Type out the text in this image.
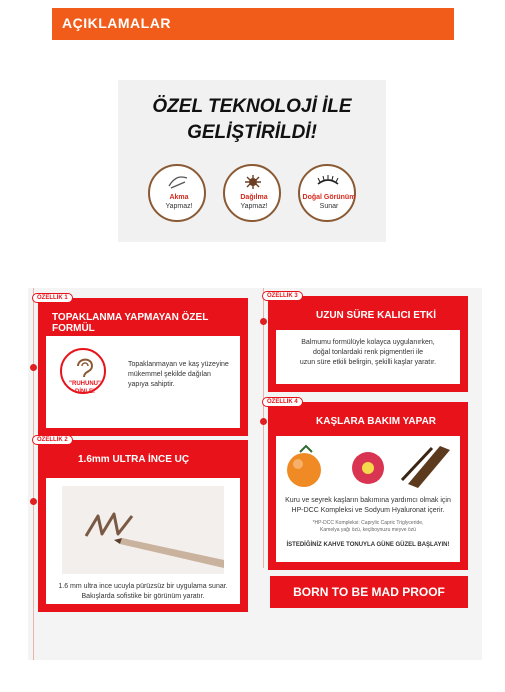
AÇIKLAMALAR
ÖZEL TEKNOLOJİ İLE
GELİŞTİRİLDİ!
Akma
Yapmaz!
Dağılma
Yapmaz!
Doğal Görünüm
Sunar
ÖZELLİK 1
TOPAKLANMA YAPMAYAN ÖZEL FORMÜL
"RUHUNU"
DİNLE!
Topaklanmayan ve kaş yüzeyine
mükemmel şekilde dağılan
yapıya sahiptir.
ÖZELLİK 2
1.6mm ULTRA İNCE UÇ
1.6 mm ultra ince ucuyla pürüzsüz bir uygulama sunar.
Bakışlarda sofistike bir görünüm yaratır.
ÖZELLİK 3
UZUN SÜRE KALICI ETKİ
Balmumu formülüyle kolayca uygulanırken,
doğal tonlardaki renk pigmentleri ile
uzun süre etkili belirgin, şekilli kaşlar yaratır.
ÖZELLİK 4
KAŞLARA BAKIM YAPAR
Kuru ve seyrek kaşların bakımına yardımcı olmak için
HP-DCC Kompleksi ve Sodyum Hyaluronat içerir.
*HP-DCC Kompleksi: Caprylic Capric Triglyceride,
Kamelya yağı özü, keçiboynuzu meyve özü
İSTEDİĞİNİZ KAHVE TONUYLA GÜNE GÜZEL BAŞLAYIN!
BORN TO BE MAD PROOF
